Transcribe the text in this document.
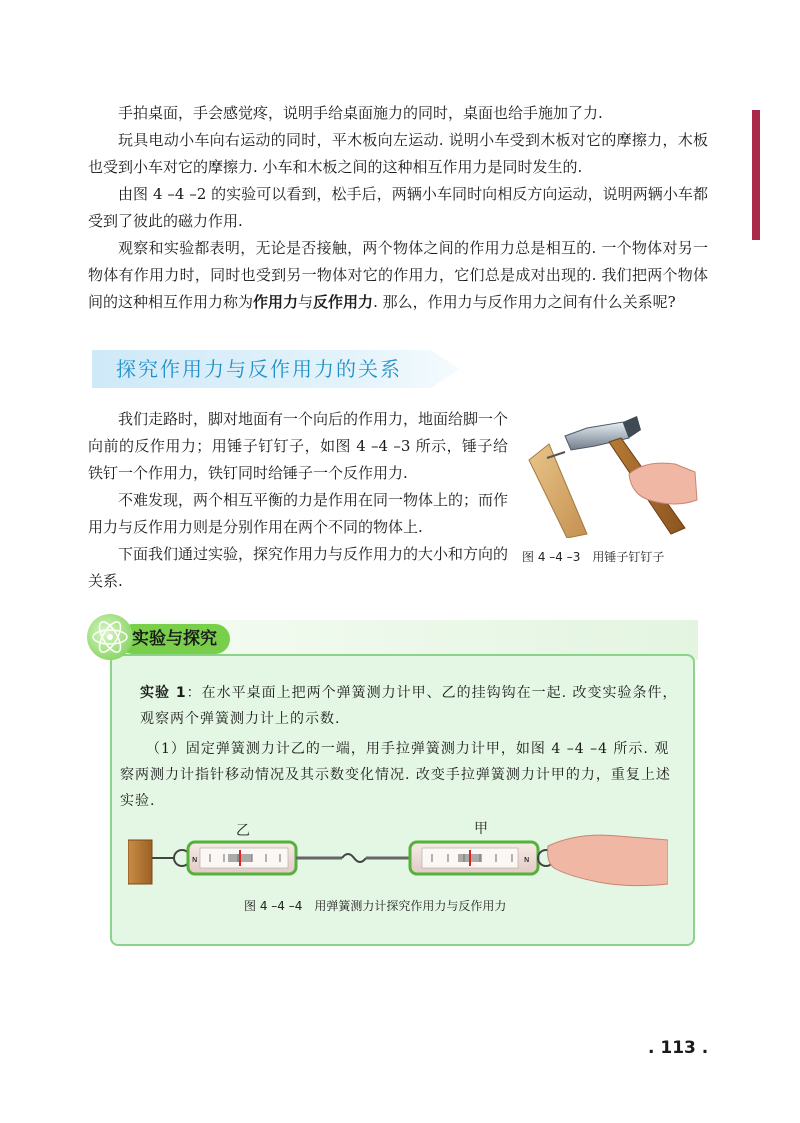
手拍桌面，手会感觉疼，说明手给桌面施力的同时，桌面也给手施加了力.

玩具电动小车向右运动的同时，平木板向左运动. 说明小车受到木板对它的摩擦力，木板也受到小车对它的摩擦力. 小车和木板之间的这种相互作用力是同时发生的.

由图 4 –4 –2 的实验可以看到，松手后，两辆小车同时向相反方向运动，说明两辆小车都受到了彼此的磁力作用.

观察和实验都表明，无论是否接触，两个物体之间的作用力总是相互的. 一个物体对另一物体有作用力时，同时也受到另一物体对它的作用力，它们总是成对出现的. 我们把两个物体间的这种相互作用力称为作用力与反作用力. 那么，作用力与反作用力之间有什么关系呢?

探究作用力与反作用力的关系

我们走路时，脚对地面有一个向后的作用力，地面给脚一个向前的反作用力；用锤子钉钉子，如图 4 –4 –3 所示，锤子给铁钉一个作用力，铁钉同时给锤子一个反作用力.

不难发现，两个相互平衡的力是作用在同一物体上的；而作用力与反作用力则是分别作用在两个不同的物体上.

下面我们通过实验，探究作用力与反作用力的大小和方向的关系.

图 4 –4 –3　用锤子钉钉子
实验与探究

实验 1：在水平桌面上把两个弹簧测力计甲、乙的挂钩钩在一起. 改变实验条件，观察两个弹簧测力计上的示数.

（1）固定弹簧测力计乙的一端，用手拉弹簧测力计甲，如图 4 –4 –4 所示. 观察两测力计指针移动情况及其示数变化情况. 改变手拉弹簧测力计甲的力，重复上述实验.

乙	甲
N	N
图 4 –4 –4　用弹簧测力计探究作用力与反作用力
. 113 .
